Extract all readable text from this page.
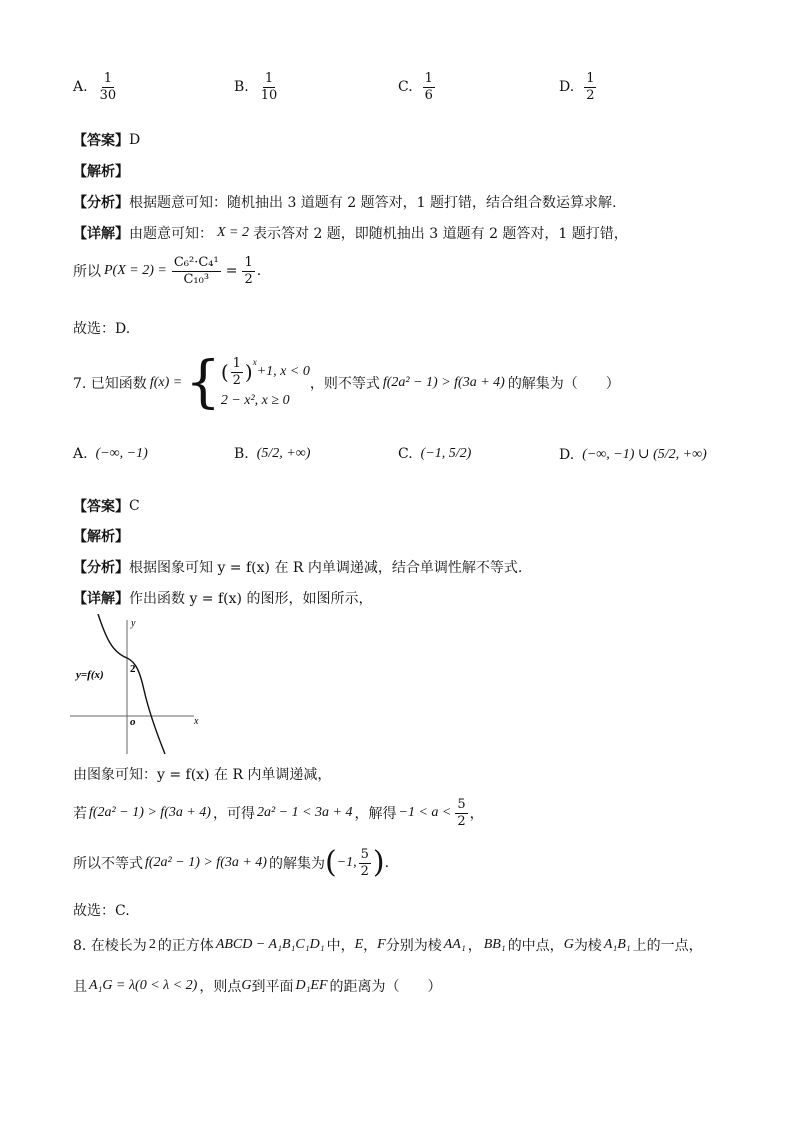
A. $\frac{1}{30}$	B. $\frac{1}{10}$	C. $\frac{1}{6}$	D. $\frac{1}{2}$
【答案】 D
【解析】
【分析】 根据题意可知：随机抽出 3 道题有 2 题答对，1 题打错，结合组合数运算求解.
【详解】 由题意可知： X = 2 表示答对 2 题，即随机抽出 3 道题有 2 题答对，1 题打错，
所以 $P(X = 2) = \frac{\text{C₆²·C₄¹}}{\text{C₁₀³}} = \frac{1}{2}$ .
故选：D.
7. 已知函数 f(x) = { ( $\frac{1}{2}$ ) x
+1, x < 0
2 − x², x ≥ 0
，则不等式 f(2a² − 1) > f(3a + 4) 的解集为（　　）
A. (−∞, −1)	B. (5/2, +∞)	C. (−1, 5/2)	D. (−∞, −1) ∪ (5/2, +∞)
【答案】 C
【解析】
【分析】 根据图象可知 y = f(x) 在 R 内单调递减，结合单调性解不等式.
【详解】 作出函数 y = f(x) 的图形，如图所示，
y
x
o
2
y=f(x)
由图象可知：y = f(x) 在 R 内单调递减，
若 f(2a² − 1) > f(3a + 4) ，可得 2a² − 1 < 3a + 4 ，解得 $-1 < a < \frac{5}{2}$ ，
所以不等式 f(2a² − 1) > f(3a + 4) 的解集为 ( −1, $\frac{5}{2}$ ) .
故选：C.
8. 在棱长为 2 的正方体 ABCD − A₁B₁C₁D₁ 中， E ， F 分别为棱 AA₁ ， BB₁ 的中点， G 为棱 A₁B₁ 上的一点，
且 A₁G = λ(0 < λ < 2) ，则点 G 到平面 D₁EF 的距离为（　　）
